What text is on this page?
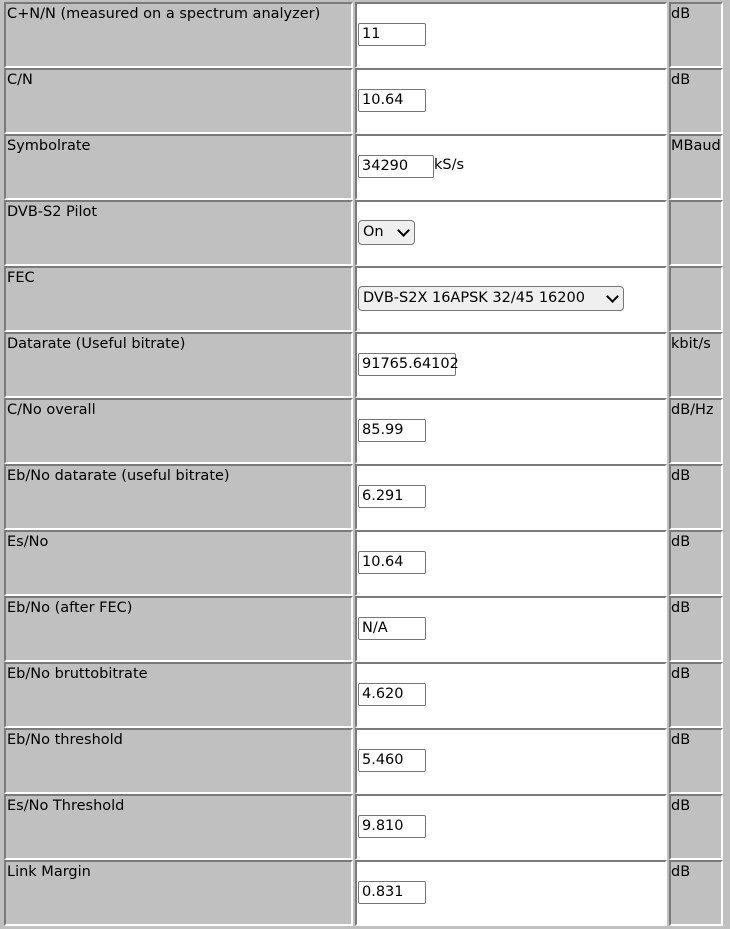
C+N/N (measured on a spectrum analyzer)
11
dB
C/N
10.64
dB
Symbolrate
34290	kS/s
MBaud
DVB-S2 Pilot
On
FEC
DVB-S2X 16APSK 32/45 16200
Datarate (Useful bitrate)
91765.64102
kbit/s
C/No overall
85.99
dB/Hz
Eb/No datarate (useful bitrate)
6.291
dB
Es/No
10.64
dB
Eb/No (after FEC)
N/A
dB
Eb/No bruttobitrate
4.620
dB
Eb/No threshold
5.460
dB
Es/No Threshold
9.810
dB
Link Margin
0.831
dB
